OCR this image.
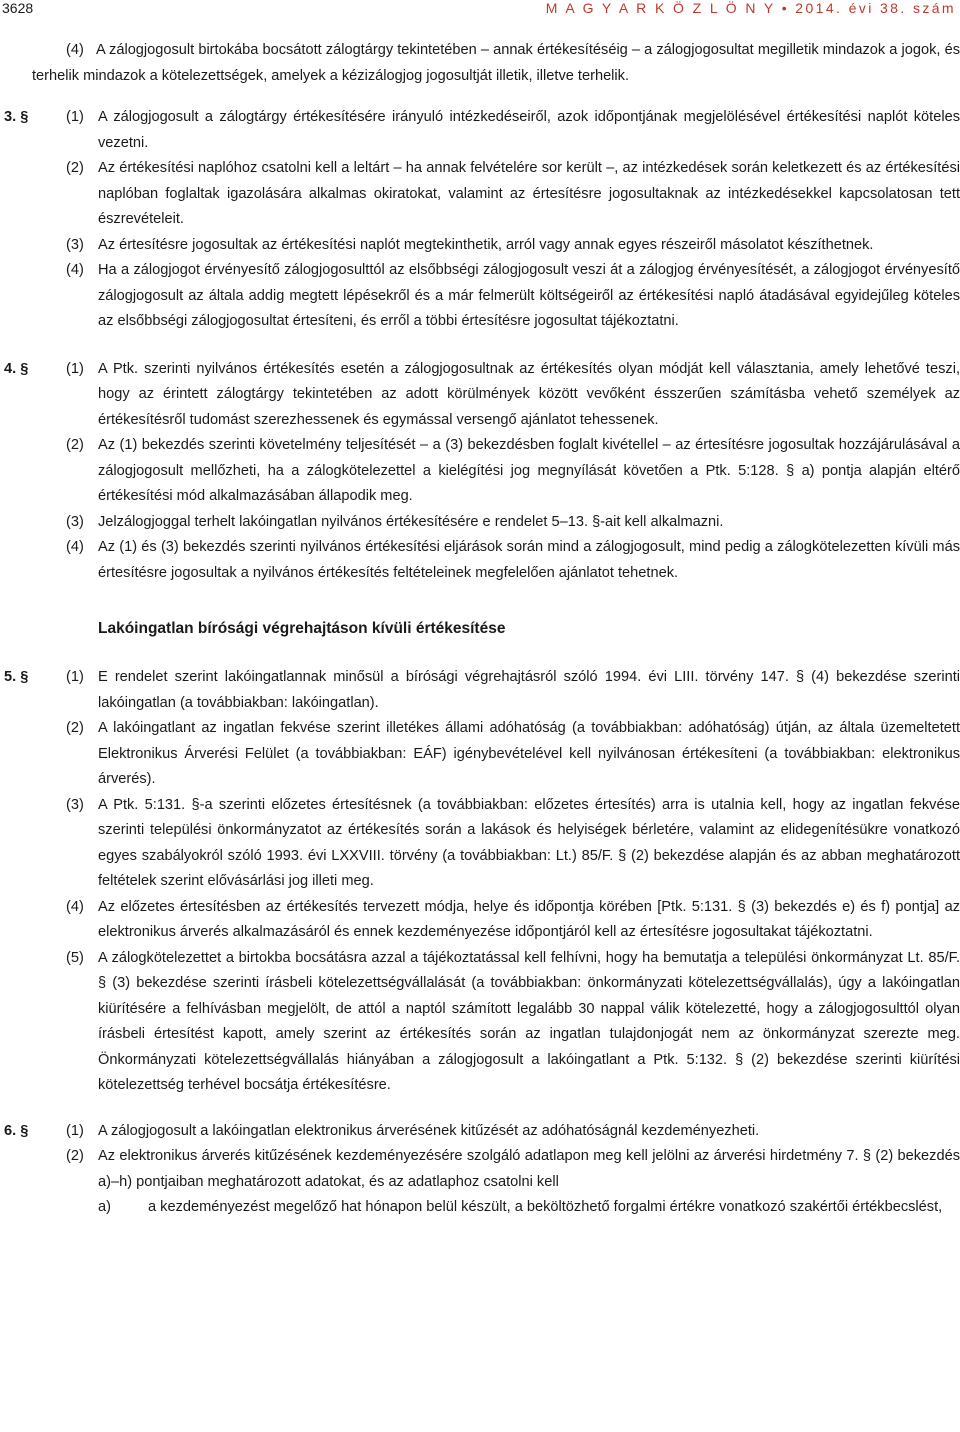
3628	M A G Y A R K Ö Z L Ö N Y • 2014. évi 38. szám

(4) A zálogjogosult birtokába bocsátott zálogtárgy tekintetében – annak értékesítéséig – a zálogjogosultat megilletik mindazok a jogok, és terhelik mindazok a kötelezettségek, amelyek a kézizálogjog jogosultját illetik, illetve terhelik.

3. §	(1) A zálogjogosult a zálogtárgy értékesítésére irányuló intézkedéseiről, azok időpontjának megjelölésével értékesítési naplót köteles vezetni.

(2) Az értékesítési naplóhoz csatolni kell a leltárt – ha annak felvételére sor került –, az intézkedések során keletkezett és az értékesítési naplóban foglaltak igazolására alkalmas okiratokat, valamint az értesítésre jogosultaknak az intézkedésekkel kapcsolatosan tett észrevételeit.

(3) Az értesítésre jogosultak az értékesítési naplót megtekinthetik, arról vagy annak egyes részeiről másolatot készíthetnek.

(4) Ha a zálogjogot érvényesítő zálogjogosulttól az elsőbbségi zálogjogosult veszi át a zálogjog érvényesítését, a zálogjogot érvényesítő zálogjogosult az általa addig megtett lépésekről és a már felmerült költségeiről az értékesítési napló átadásával egyidejűleg köteles az elsőbbségi zálogjogosultat értesíteni, és erről a többi értesítésre jogosultat tájékoztatni.

4. §	(1) A Ptk. szerinti nyilvános értékesítés esetén a zálogjogosultnak az értékesítés olyan módját kell választania, amely lehetővé teszi, hogy az érintett zálogtárgy tekintetében az adott körülmények között vevőként ésszerűen számításba vehető személyek az értékesítésről tudomást szerezhessenek és egymással versengő ajánlatot tehessenek.

(2) Az (1) bekezdés szerinti követelmény teljesítését – a (3) bekezdésben foglalt kivétellel – az értesítésre jogosultak hozzájárulásával a zálogjogosult mellőzheti, ha a zálogkötelezettel a kielégítési jog megnyílását követően a Ptk. 5:128. § a) pontja alapján eltérő értékesítési mód alkalmazásában állapodik meg.

(3) Jelzálogjoggal terhelt lakóingatlan nyilvános értékesítésére e rendelet 5–13. §-ait kell alkalmazni.

(4) Az (1) és (3) bekezdés szerinti nyilvános értékesítési eljárások során mind a zálogjogosult, mind pedig a zálogkötelezetten kívüli más értesítésre jogosultak a nyilvános értékesítés feltételeinek megfelelően ajánlatot tehetnek.

Lakóingatlan bírósági végrehajtáson kívüli értékesítése

5. §	(1) E rendelet szerint lakóingatlannak minősül a bírósági végrehajtásról szóló 1994. évi LIII. törvény 147. § (4) bekezdése szerinti lakóingatlan (a továbbiakban: lakóingatlan).

(2) A lakóingatlant az ingatlan fekvése szerint illetékes állami adóhatóság (a továbbiakban: adóhatóság) útján, az általa üzemeltetett Elektronikus Árverési Felület (a továbbiakban: EÁF) igénybevételével kell nyilvánosan értékesíteni (a továbbiakban: elektronikus árverés).

(3) A Ptk. 5:131. §-a szerinti előzetes értesítésnek (a továbbiakban: előzetes értesítés) arra is utalnia kell, hogy az ingatlan fekvése szerinti települési önkormányzatot az értékesítés során a lakások és helyiségek bérletére, valamint az elidegenítésükre vonatkozó egyes szabályokról szóló 1993. évi LXXVIII. törvény (a továbbiakban: Lt.) 85/F. § (2) bekezdése alapján és az abban meghatározott feltételek szerint elővásárlási jog illeti meg.

(4) Az előzetes értesítésben az értékesítés tervezett módja, helye és időpontja körében [Ptk. 5:131. § (3) bekezdés e) és f) pontja] az elektronikus árverés alkalmazásáról és ennek kezdeményezése időpontjáról kell az értesítésre jogosultakat tájékoztatni.

(5) A zálogkötelezettet a birtokba bocsátásra azzal a tájékoztatással kell felhívni, hogy ha bemutatja a települési önkormányzat Lt. 85/F. § (3) bekezdése szerinti írásbeli kötelezettségvállalását (a továbbiakban: önkormányzati kötelezettségvállalás), úgy a lakóingatlan kiürítésére a felhívásban megjelölt, de attól a naptól számított legalább 30 nappal válik kötelezetté, hogy a zálogjogosulttól olyan írásbeli értesítést kapott, amely szerint az értékesítés során az ingatlan tulajdonjogát nem az önkormányzat szerezte meg. Önkormányzati kötelezettségvállalás hiányában a zálogjogosult a lakóingatlant a Ptk. 5:132. § (2) bekezdése szerinti kiürítési kötelezettség terhével bocsátja értékesítésre.

6. §	(1) A zálogjogosult a lakóingatlan elektronikus árverésének kitűzését az adóhatóságnál kezdeményezheti.

(2) Az elektronikus árverés kitűzésének kezdeményezésére szolgáló adatlapon meg kell jelölni az árverési hirdetmény 7. § (2) bekezdés a)–h) pontjaiban meghatározott adatokat, és az adatlaphoz csatolni kell

a)	a kezdeményezést megelőző hat hónapon belül készült, a beköltözhető forgalmi értékre vonatkozó szakértői értékbecslést,
